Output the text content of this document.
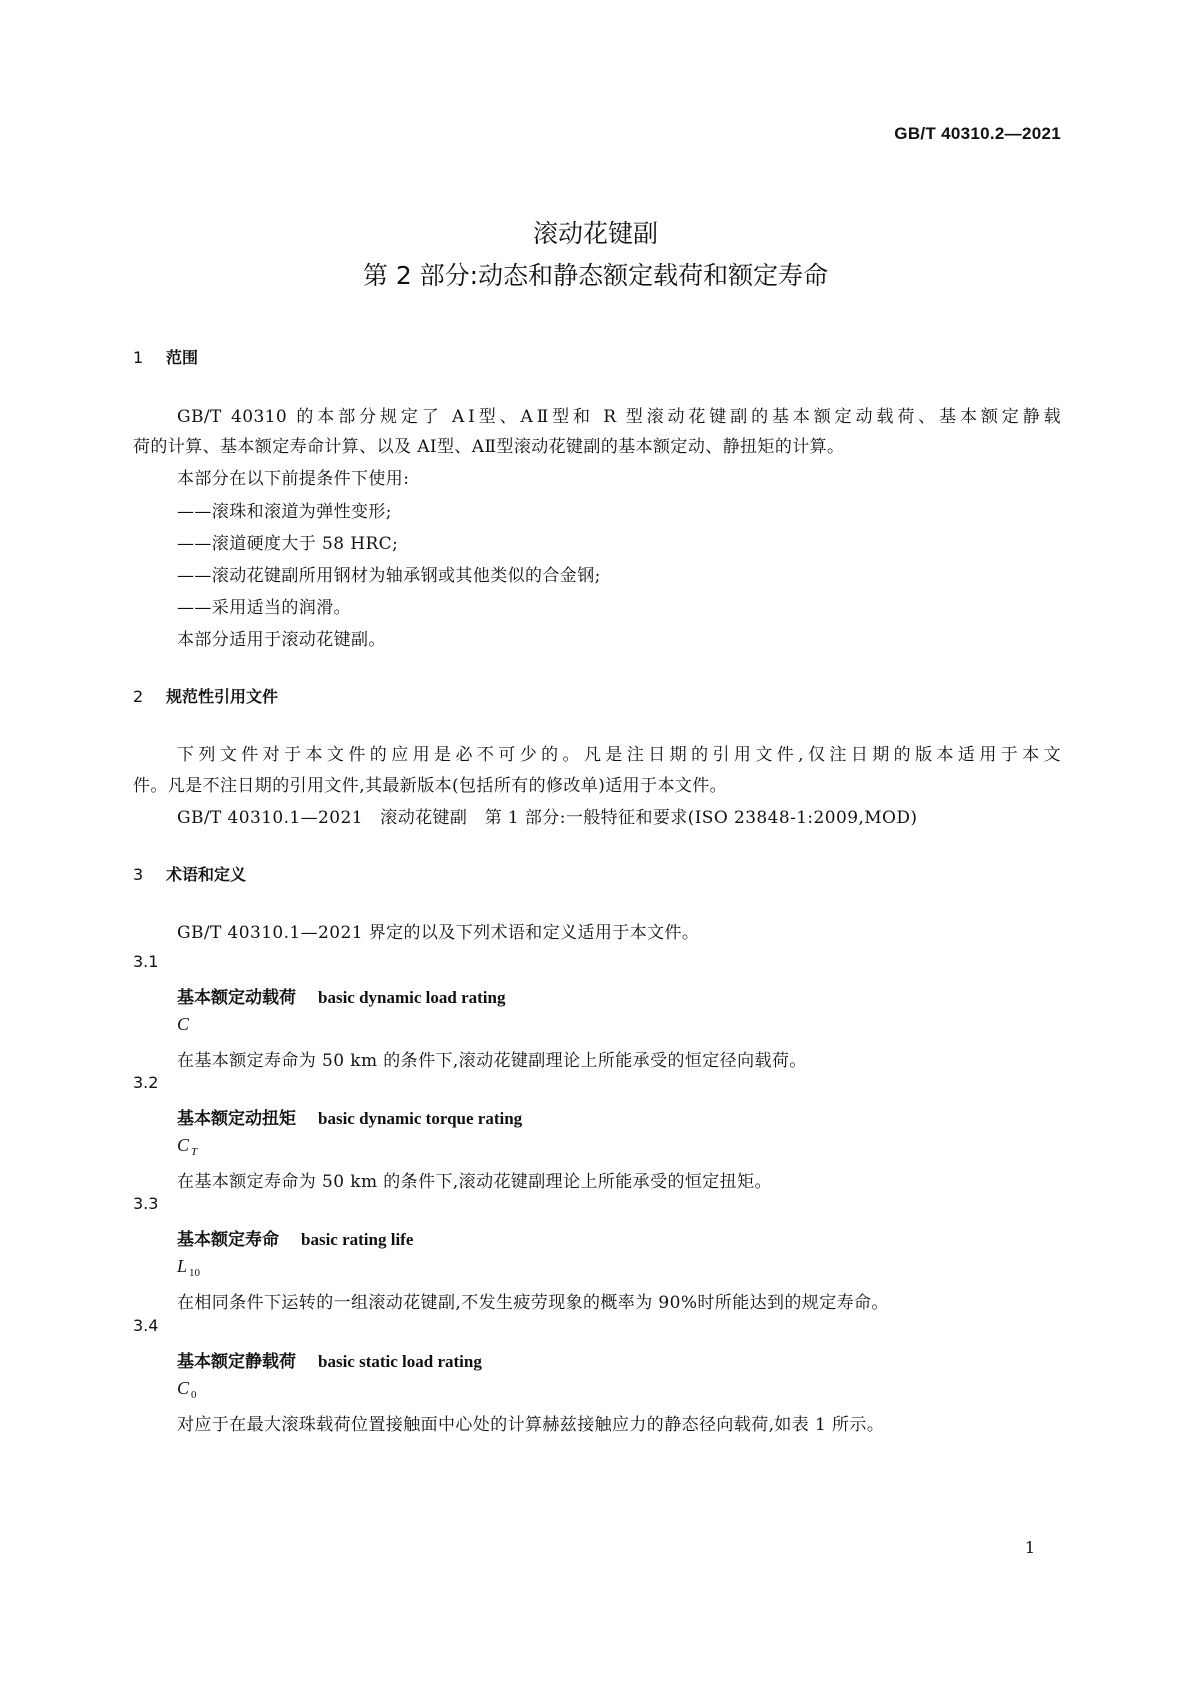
GB/T 40310.2—2021
滚动花键副
第 2 部分:动态和静态额定载荷和额定寿命
1 范围
GB/T 40310 的本部分规定了 AⅠ型、AⅡ型和 R 型滚动花键副的基本额定动载荷、基本额定静载
荷的计算、基本额定寿命计算、以及 AⅠ型、AⅡ型滚动花键副的基本额定动、静扭矩的计算。
本部分在以下前提条件下使用:
——滚珠和滚道为弹性变形;
——滚道硬度大于 58 HRC;
——滚动花键副所用钢材为轴承钢或其他类似的合金钢;
——采用适当的润滑。
本部分适用于滚动花键副。
2 规范性引用文件
下列文件对于本文件的应用是必不可少的。凡是注日期的引用文件,仅注日期的版本适用于本文
件。凡是不注日期的引用文件,其最新版本(包括所有的修改单)适用于本文件。
GB/T 40310.1—2021　滚动花键副　第 1 部分:一般特征和要求(ISO 23848-1:2009,MOD)
3 术语和定义
GB/T 40310.1—2021 界定的以及下列术语和定义适用于本文件。
3.1
基本额定动载荷 basic dynamic load rating
C
在基本额定寿命为 50 km 的条件下,滚动花键副理论上所能承受的恒定径向载荷。
3.2
基本额定动扭矩 basic dynamic torque rating
C $_T$
在基本额定寿命为 50 km 的条件下,滚动花键副理论上所能承受的恒定扭矩。
3.3
基本额定寿命 basic rating life
L $_{10}$
在相同条件下运转的一组滚动花键副,不发生疲劳现象的概率为 90%时所能达到的规定寿命。
3.4
基本额定静载荷 basic static load rating
C $_0$
对应于在最大滚珠载荷位置接触面中心处的计算赫兹接触应力的静态径向载荷,如表 1 所示。
1
